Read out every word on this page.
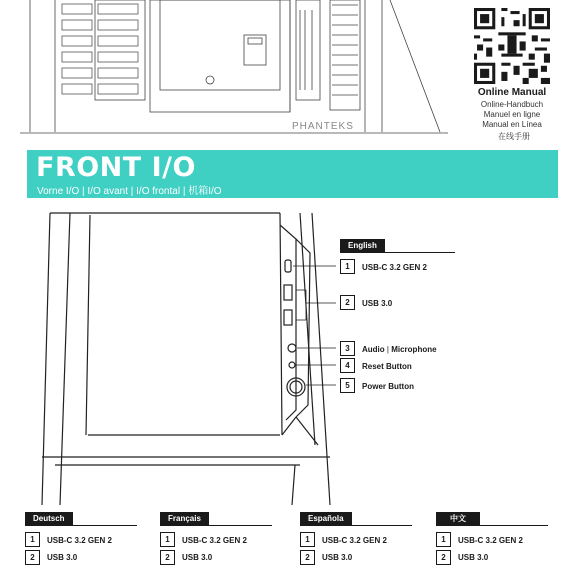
PHANTEKS
Online Manual
Online-Handbuch
Manuel en ligne
Manual en Línea
在线手册
FRONT I/O
Vorne I/O | I/O avant | I/O frontal | 机箱I/O
English
1	USB-C 3.2 GEN 2
2	USB 3.0
3	Audio | Microphone
4	Reset Button
5	Power Button
Deutsch
1	USB-C 3.2 GEN 2
2	USB 3.0
Français
1	USB-C 3.2 GEN 2
2	USB 3.0
Española
1	USB-C 3.2 GEN 2
2	USB 3.0
中文
1	USB-C 3.2 GEN 2
2	USB 3.0
